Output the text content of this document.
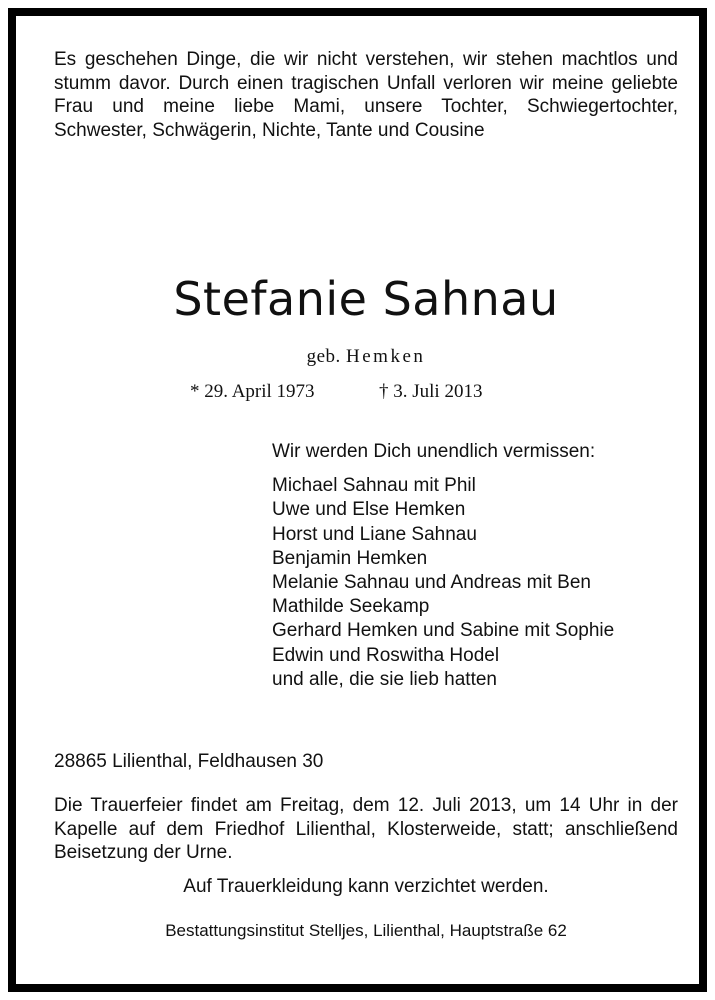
Es geschehen Dinge, die wir nicht verstehen, wir stehen machtlos und stumm davor. Durch einen tragischen Unfall verloren wir meine geliebte Frau und meine liebe Mami, unsere Tochter, Schwiegertochter, Schwester, Schwägerin, Nichte, Tante und Cousine

Stefanie Sahnau
geb. Hemken
* 29. April 1973	† 3. Juli 2013
Wir werden Dich unendlich vermissen:
Michael Sahnau mit Phil
Uwe und Else Hemken
Horst und Liane Sahnau
Benjamin Hemken
Melanie Sahnau und Andreas mit Ben
Mathilde Seekamp
Gerhard Hemken und Sabine mit Sophie
Edwin und Roswitha Hodel
und alle, die sie lieb hatten
28865 Lilienthal, Feldhausen 30

Die Trauerfeier findet am Freitag, dem 12. Juli 2013, um 14 Uhr in der Kapelle auf dem Friedhof Lilienthal, Klosterweide, statt; anschließend Beisetzung der Urne.

Auf Trauerkleidung kann verzichtet werden.
Bestattungsinstitut Stelljes, Lilienthal, Hauptstraße 62
